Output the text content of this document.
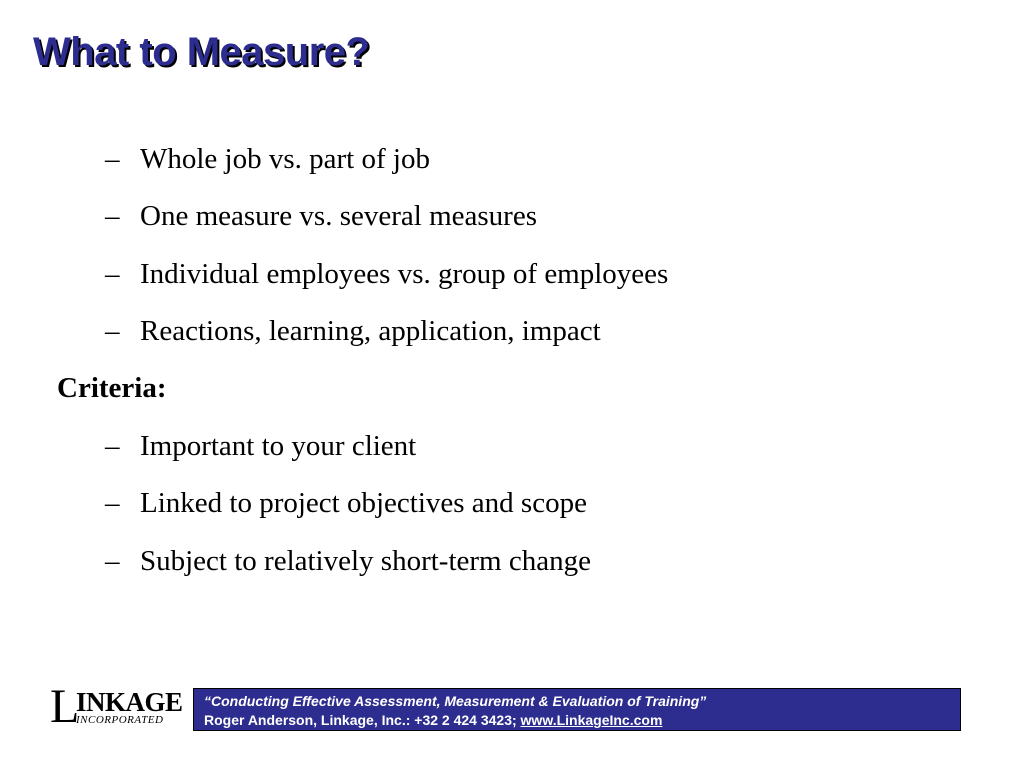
What to Measure?
– Whole job vs. part of job
– One measure vs. several measures
– Individual employees vs. group of employees
– Reactions, learning, application, impact
Criteria:
– Important to your client
– Linked to project objectives and scope
– Subject to relatively short-term change
L
INKAGE
INCORPORATED
“Conducting Effective Assessment, Measurement & Evaluation of Training”
Roger Anderson, Linkage, Inc.: +32 2 424 3423; www.LinkageInc.com
